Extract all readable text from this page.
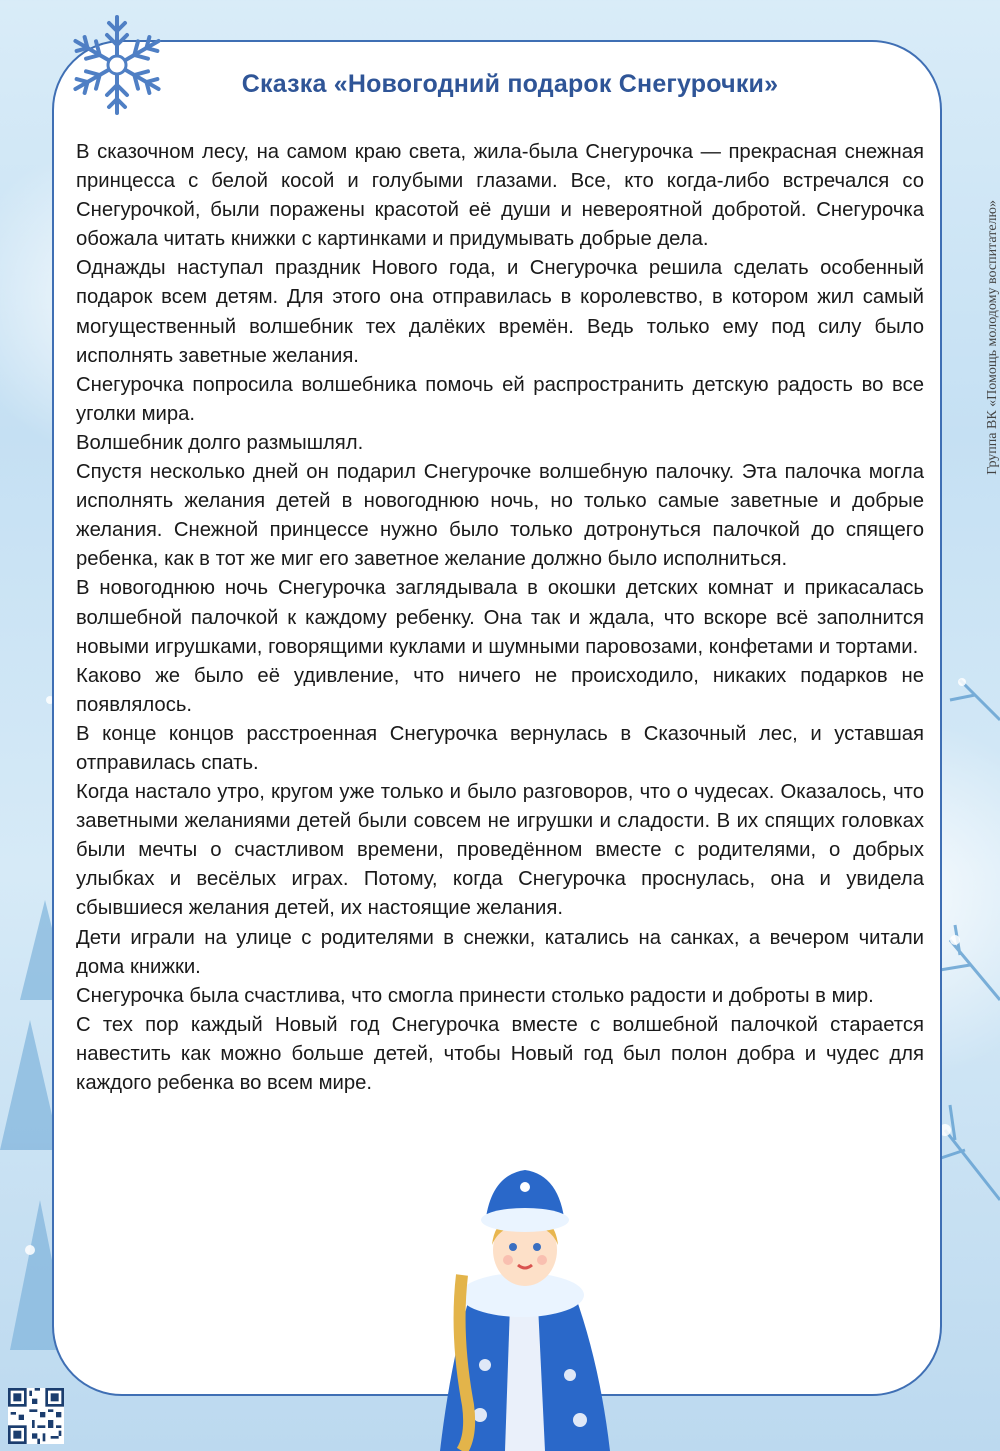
Сказка «Новогодний подарок Снегурочки»

В сказочном лесу, на самом краю света, жила-была Снегурочка — прекрасная снежная принцесса с белой косой и голубыми глазами. Все, кто когда-либо встречался со Снегурочкой, были поражены красотой её души и невероятной добротой. Снегурочка обожала читать книжки с картинками и придумывать добрые дела.

Однажды наступал праздник Нового года, и Снегурочка решила сделать особенный подарок всем детям. Для этого она отправилась в королевство, в котором жил самый могущественный волшебник тех далёких времён. Ведь только ему под силу было исполнять заветные желания.

Снегурочка попросила волшебника помочь ей распространить детскую радость во все уголки мира.

Волшебник долго размышлял.

Спустя несколько дней он подарил Снегурочке волшебную палочку. Эта палочка могла исполнять желания детей в новогоднюю ночь, но только самые заветные и добрые желания. Снежной принцессе нужно было только дотронуться палочкой до спящего ребенка, как в тот же миг его заветное желание должно было исполниться.

В новогоднюю ночь Снегурочка заглядывала в окошки детских комнат и прикасалась волшебной палочкой к каждому ребенку. Она так и ждала, что вскоре всё заполнится новыми игрушками, говорящими куклами и шумными паровозами, конфетами и тортами.

Каково же было её удивление, что ничего не происходило, никаких подарков не появлялось.

В конце концов расстроенная Снегурочка вернулась в Сказочный лес, и уставшая отправилась спать.

Когда настало утро, кругом уже только и было разговоров, что о чудесах. Оказалось, что заветными желаниями детей были совсем не игрушки и сладости. В их спящих головках были мечты о счастливом времени, проведённом вместе с родителями, о добрых улыбках и весёлых играх. Потому, когда Снегурочка проснулась, она и увидела сбывшиеся желания детей, их настоящие желания.

Дети играли на улице с родителями в снежки, катались на санках, а вечером читали дома книжки.

Снегурочка была счастлива, что смогла принести столько радости и доброты в мир.

С тех пор каждый Новый год Снегурочка вместе с волшебной палочкой старается навестить как можно больше детей, чтобы Новый год был полон добра и чудес для каждого ребенка во всем мире.

Группа ВК «Помощь молодому воспитателю»
